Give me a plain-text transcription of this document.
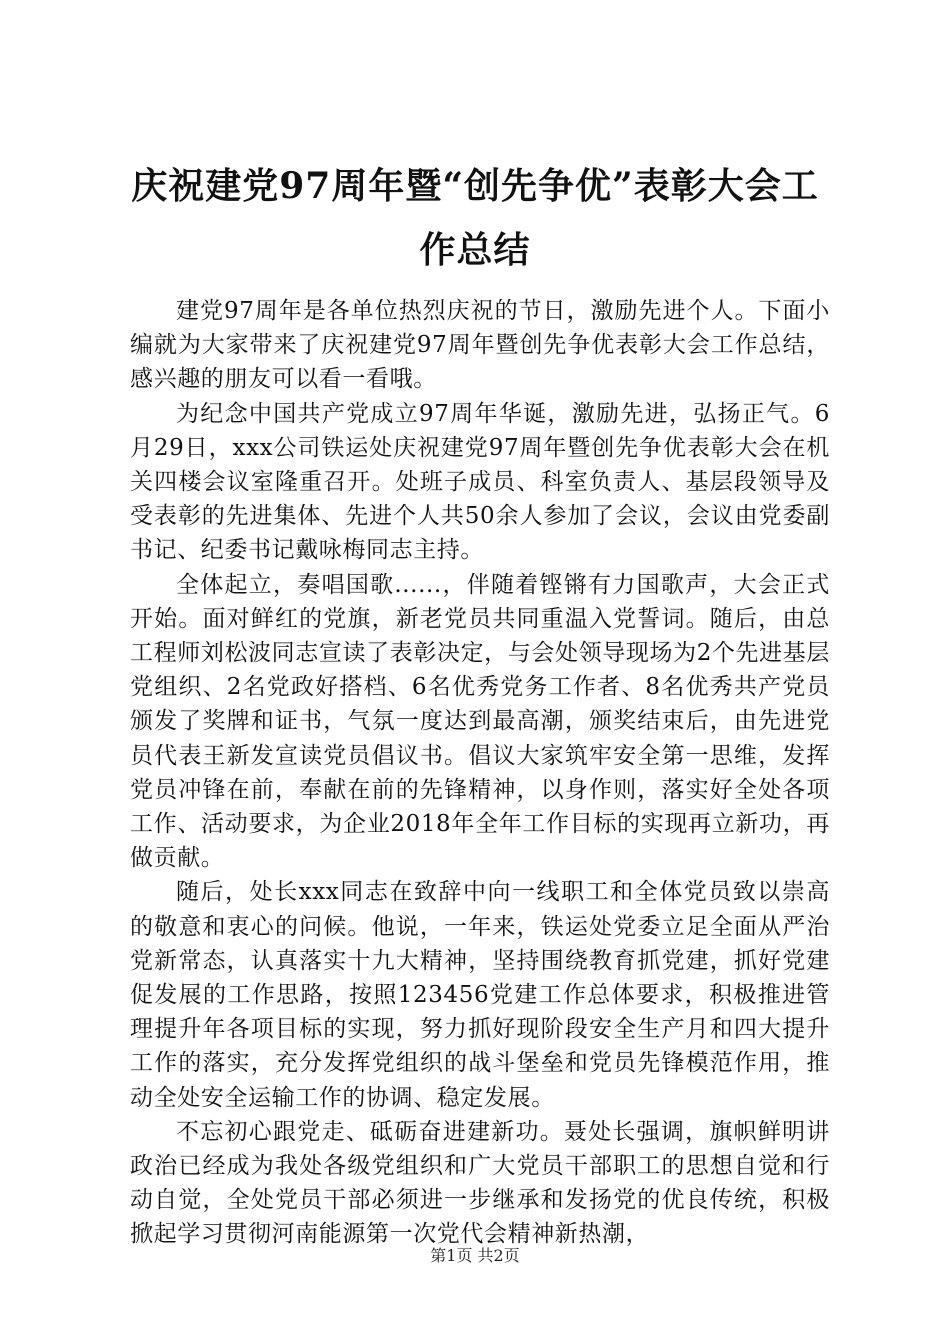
庆祝建党97周年暨“创先争优”表彰大会工
作总结

建党97周年是各单位热烈庆祝的节日，激励先进个人。下面小编就为大家带来了庆祝建党97周年暨创先争优表彰大会工作总结，感兴趣的朋友可以看一看哦。

为纪念中国共产党成立97周年华诞，激励先进，弘扬正气。6月29日，xxx公司铁运处庆祝建党97周年暨创先争优表彰大会在机关四楼会议室隆重召开。处班子成员、科室负责人、基层段领导及受表彰的先进集体、先进个人共50余人参加了会议，会议由党委副书记、纪委书记戴咏梅同志主持。

全体起立，奏唱国歌......，伴随着铿锵有力国歌声，大会正式开始。面对鲜红的党旗，新老党员共同重温入党誓词。随后，由总工程师刘松波同志宣读了表彰决定，与会处领导现场为2个先进基层党组织、2名党政好搭档、6名优秀党务工作者、8名优秀共产党员颁发了奖牌和证书，气氛一度达到最高潮，颁奖结束后，由先进党员代表王新发宣读党员倡议书。倡议大家筑牢安全第一思维，发挥党员冲锋在前，奉献在前的先锋精神，以身作则，落实好全处各项工作、活动要求，为企业2018年全年工作目标的实现再立新功，再做贡献。

随后，处长xxx同志在致辞中向一线职工和全体党员致以崇高的敬意和衷心的问候。他说，一年来，铁运处党委立足全面从严治党新常态，认真落实十九大精神，坚持围绕教育抓党建，抓好党建促发展的工作思路，按照123456党建工作总体要求，积极推进管理提升年各项目标的实现，努力抓好现阶段安全生产月和四大提升工作的落实，充分发挥党组织的战斗堡垒和党员先锋模范作用，推动全处安全运输工作的协调、稳定发展。

不忘初心跟党走、砥砺奋进建新功。聂处长强调，旗帜鲜明讲政治已经成为我处各级党组织和广大党员干部职工的思想自觉和行动自觉，全处党员干部必须进一步继承和发扬党的优良传统，积极掀起学习贯彻河南能源第一次党代会精神新热潮，

第1页 共2页
